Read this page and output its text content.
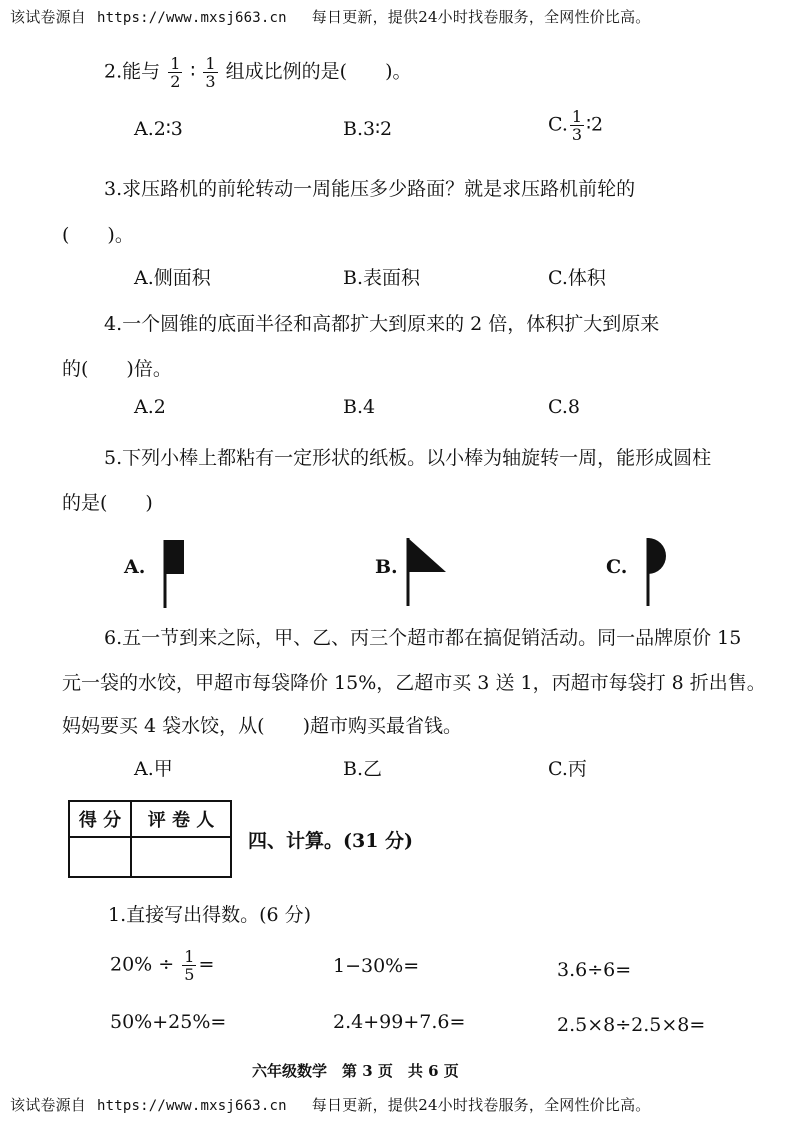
该试卷源自 https://www.mxsj663.cn 每日更新，提供24小时找卷服务，全网性价比高。
2.能与 $\frac{1}{2}$ ∶ $\frac{1}{3}$ 组成比例的是(　　)。
A.2∶3	B.3∶2	C. $\frac{1}{3}$ ∶2
3.求压路机的前轮转动一周能压多少路面？就是求压路机前轮的
(　　)。
A.侧面积	B.表面积	C.体积
4.一个圆锥的底面半径和高都扩大到原来的 2 倍，体积扩大到原来
的(　　)倍。
A.2	B.4	C.8
5.下列小棒上都粘有一定形状的纸板。以小棒为轴旋转一周，能形成圆柱
的是(　　)
A.	B.	C.
6.五一节到来之际，甲、乙、丙三个超市都在搞促销活动。同一品牌原价 15
元一袋的水饺，甲超市每袋降价 15%，乙超市买 3 送 1，丙超市每袋打 8 折出售。
妈妈要买 4 袋水饺，从(　　)超市购买最省钱。
A.甲	B.乙	C.丙
得 分	评 卷 人

四、计算。(31 分)
1.直接写出得数。(6 分)
$20\% \div \frac{1}{5}$ =	1−30%=	3.6÷6=
50%+25%=	2.4+99+7.6=	2.5×8÷2.5×8=
六年级数学　第 3 页　共 6 页
该试卷源自 https://www.mxsj663.cn 每日更新，提供24小时找卷服务，全网性价比高。
